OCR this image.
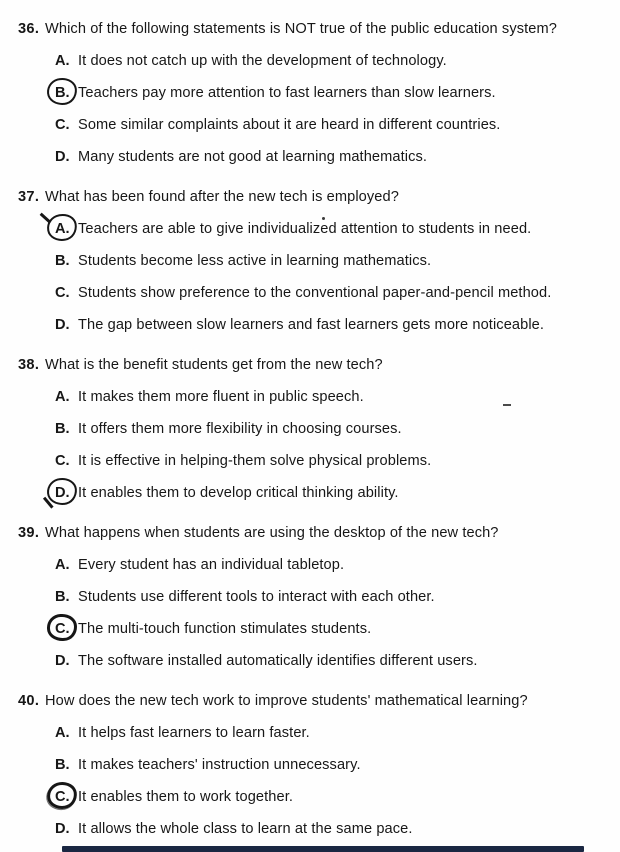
36. Which of the following statements is NOT true of the public education system?
A. It does not catch up with the development of technology.
B. Teachers pay more attention to fast learners than slow learners.
C. Some similar complaints about it are heard in different countries.
D. Many students are not good at learning mathematics.
37. What has been found after the new tech is employed?
A. Teachers are able to give individualized attention to students in need.
B. Students become less active in learning mathematics.
C. Students show preference to the conventional paper-and-pencil method.
D. The gap between slow learners and fast learners gets more noticeable.
38. What is the benefit students get from the new tech?
A. It makes them more fluent in public speech.
B. It offers them more flexibility in choosing courses.
C. It is effective in helping-them solve physical problems.
D. It enables them to develop critical thinking ability.
39. What happens when students are using the desktop of the new tech?
A. Every student has an individual tabletop.
B. Students use different tools to interact with each other.
C. The multi-touch function stimulates students.
D. The software installed automatically identifies different users.
40. How does the new tech work to improve students' mathematical learning?
A. It helps fast learners to learn faster.
B. It makes teachers' instruction unnecessary.
C. It enables them to work together.
D. It allows the whole class to learn at the same pace.
